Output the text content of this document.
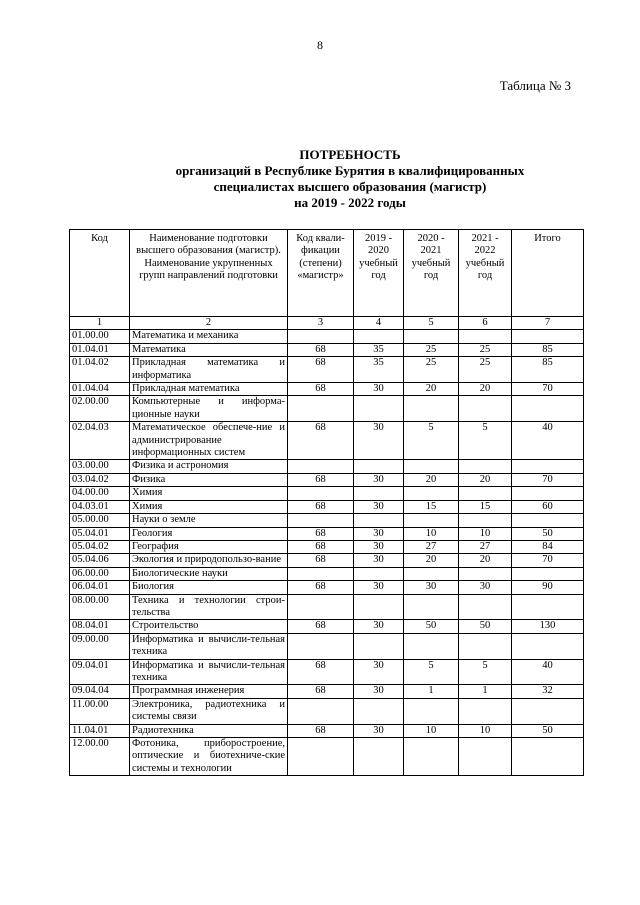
8
Таблица № 3
ПОТРЕБНОСТЬ
организаций в Республике Бурятия в квалифицированных
специалистах высшего образования (магистр)
на 2019 - 2022 годы
Код	Наименование подготовки высшего образования (магистр). Наименование укрупненных групп направлений подготовки	Код квали-фикации (степени) «магистр»	2019 - 2020 учебный год	2020 - 2021 учебный год	2021 - 2022 учебный год	Итого
1	2	3	4	5	6	7
01.00.00	Математика и механика					
01.04.01	Математика	68	35	25	25	85
01.04.02	Прикладная математика и информатика	68	35	25	25	85
01.04.04	Прикладная математика	68	30	20	20	70
02.00.00	Компьютерные и информа-ционные науки					
02.04.03	Математическое обеспече-ние и администрирование информационных систем	68	30	5	5	40
03.00.00	Физика и астрономия					
03.04.02	Физика	68	30	20	20	70
04.00.00	Химия					
04.03.01	Химия	68	30	15	15	60
05.00.00	Науки о земле					
05.04.01	Геология	68	30	10	10	50
05.04.02	География	68	30	27	27	84
05.04.06	Экология и природопользо-вание	68	30	20	20	70
06.00.00	Биологические науки					
06.04.01	Биология	68	30	30	30	90
08.00.00	Техника и технологии строи-тельства					
08.04.01	Строительство	68	30	50	50	130
09.00.00	Информатика и вычисли-тельная техника					
09.04.01	Информатика и вычисли-тельная техника	68	30	5	5	40
09.04.04	Программная инженерия	68	30	1	1	32
11.00.00	Электроника, радиотехника и системы связи					
11.04.01	Радиотехника	68	30	10	10	50
12.00.00	Фотоника, приборостроение, оптические и биотехниче-ские системы и технологии					
